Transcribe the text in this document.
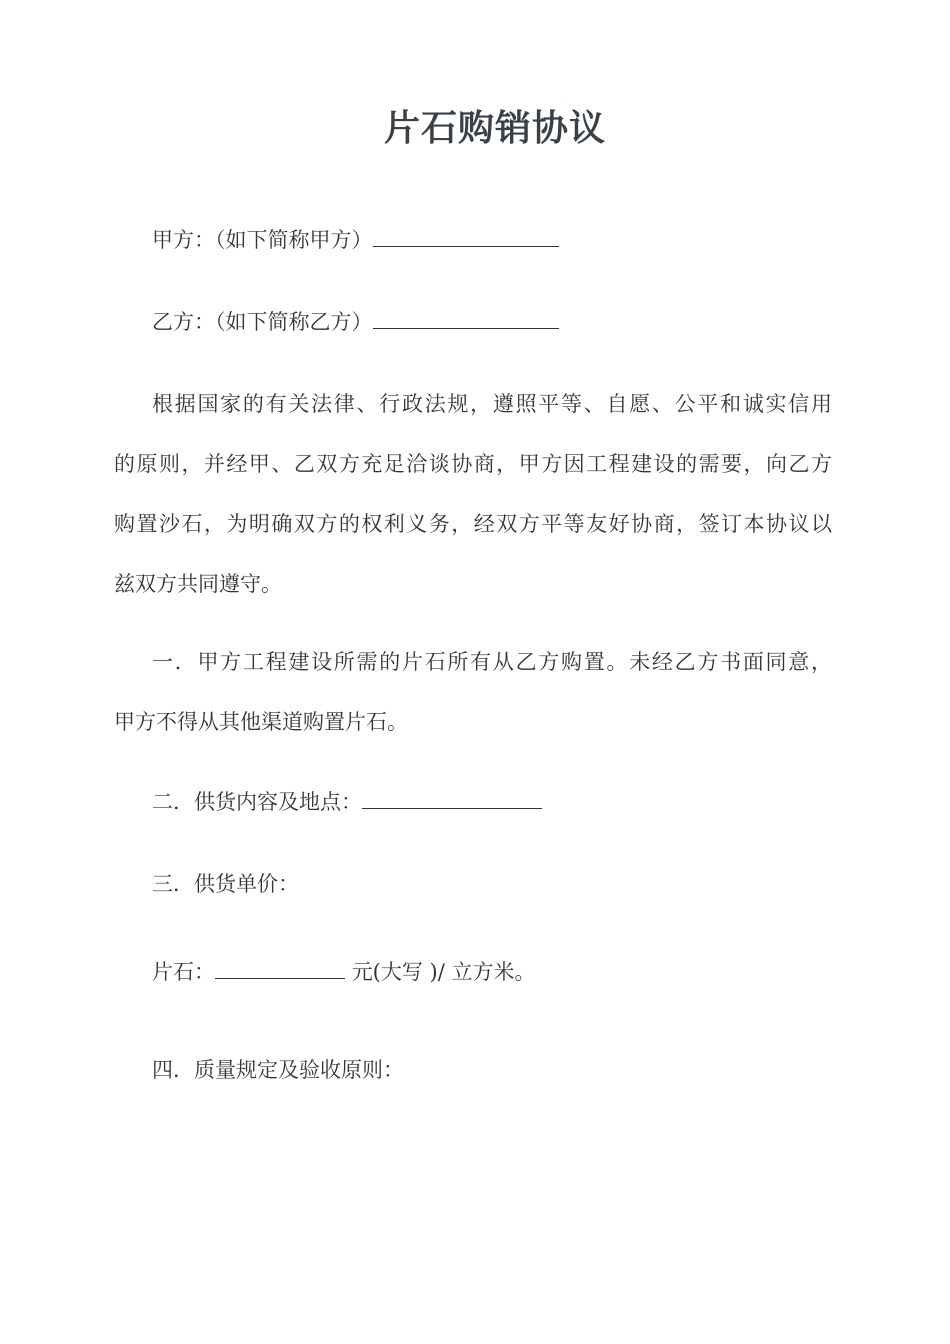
片石购销协议
甲方：（如下简称甲方）
乙方：（如下简称乙方）
根据国家的有关法律、行政法规，遵照平等、自愿、公平和诚实信用
的原则，并经甲、乙双方充足洽谈协商，甲方因工程建设的需要，向乙方
购置沙石，为明确双方的权利义务，经双方平等友好协商，签订本协议以
兹双方共同遵守。
一．甲方工程建设所需的片石所有从乙方购置。未经乙方书面同意，
甲方不得从其他渠道购置片石。
二．供货内容及地点：
三．供货单价：
片石：	元(大写 )/ 立方米。
四．质量规定及验收原则：
